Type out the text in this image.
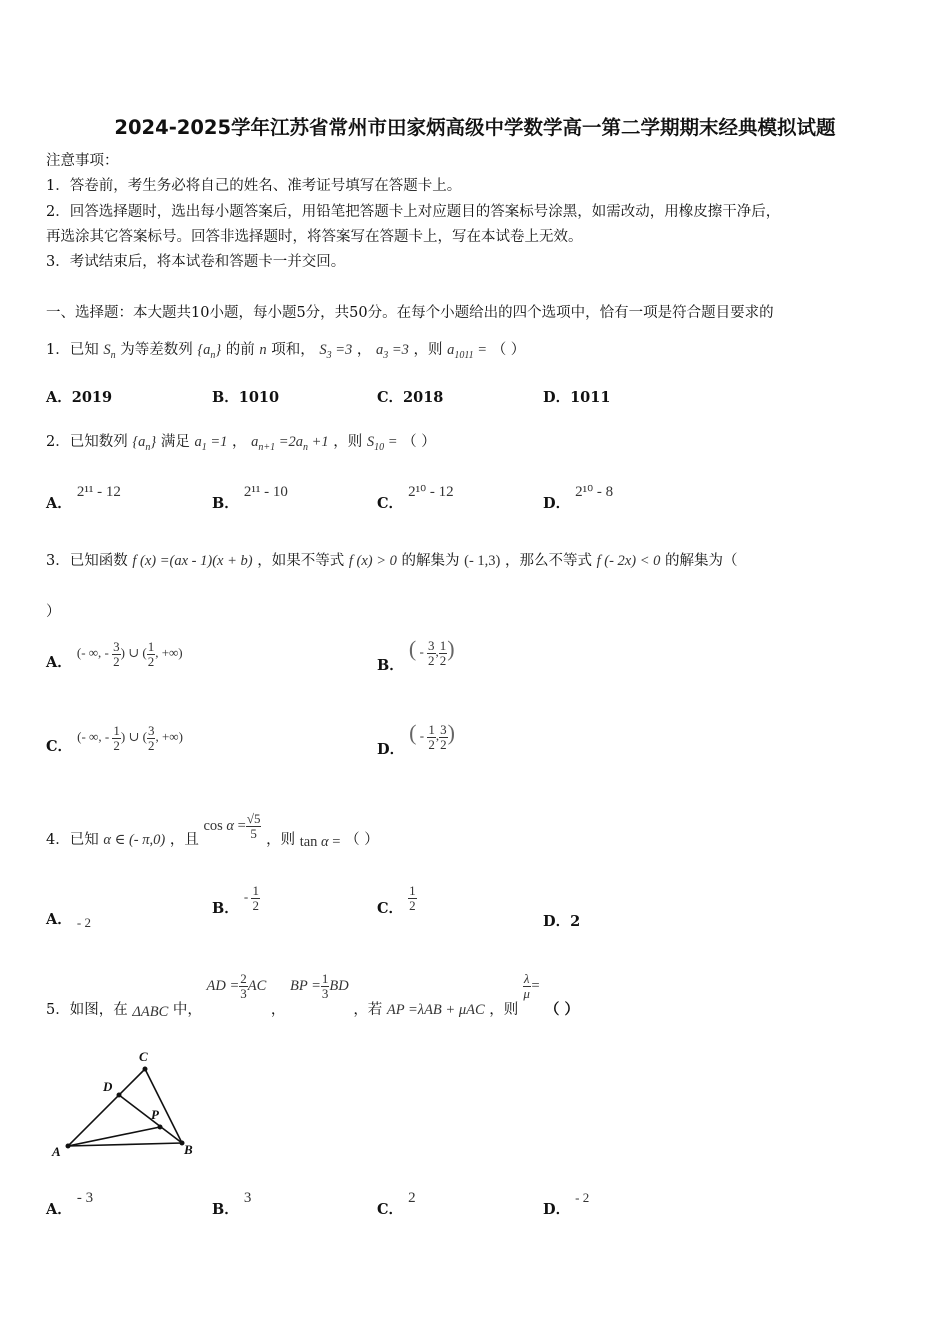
2024-2025学年江苏省常州市田家炳高级中学数学高一第二学期期末经典模拟试题
注意事项：
1．答卷前，考生务必将自己的姓名、准考证号填写在答题卡上。
2．回答选择题时，选出每小题答案后，用铅笔把答题卡上对应题目的答案标号涂黑，如需改动，用橡皮擦干净后，
再选涂其它答案标号。回答非选择题时，将答案写在答题卡上，写在本试卷上无效。
3．考试结束后，将本试卷和答题卡一并交回。
一、选择题：本大题共10小题，每小题5分，共50分。在每个小题给出的四个选项中，恰有一项是符合题目要求的
1．已知 $S_n$ 为等差数列 $\{a_n\}$ 的前 n 项和， $S_3 =3$ ， $a_3 =3$ ，则 $a_{1011}$ = （ ）
A．2019	B．1010	C．2018	D．1011
2．已知数列 $\{a_n\}$ 满足 $a_1 =1$ ， $a_{n+1} =2a_n +1$ ，则 $S_{10}$ = （ ）
A． 2¹¹ - 12
B． 2¹¹ - 10
C． 2¹⁰ - 12
D． 2¹⁰ - 8
3．已知函数 f (x) =(ax - 1)(x + b) ，如果不等式 f (x) > 0 的解集为 (- 1,3) ，那么不等式 f (- 2x) < 0 的解集为（
）
A． (- ∞, - $\frac{3}{2}$ ) ∪ ( $\frac{1}{2}$ , +∞)
B． ( - $\frac{3}{2}$ , $\frac{1}{2}$ )
C． (- ∞, - $\frac{1}{2}$ ) ∪ ( $\frac{3}{2}$ , +∞)
D． ( - $\frac{1}{2}$ , $\frac{3}{2}$ )
4．已知 α ∈ (- π,0) ，且 $\cos \alpha = \frac{√5}{5}$ ，则 tan α = （ ）
A． - 2
B． - $\frac{1}{2}$	C． $\frac{1}{2}$
D．2
5．如图，在 ΔABC 中， AD = $\frac{2}{3}$ AC ， BP = $\frac{1}{3}$ BD ，若 AP =λAB + μAC ，则
$\frac{\lambda}{\mu}$ = （ ）
A	B
C
D
P
A． - 3
B． 3
C． 2
D． - 2
